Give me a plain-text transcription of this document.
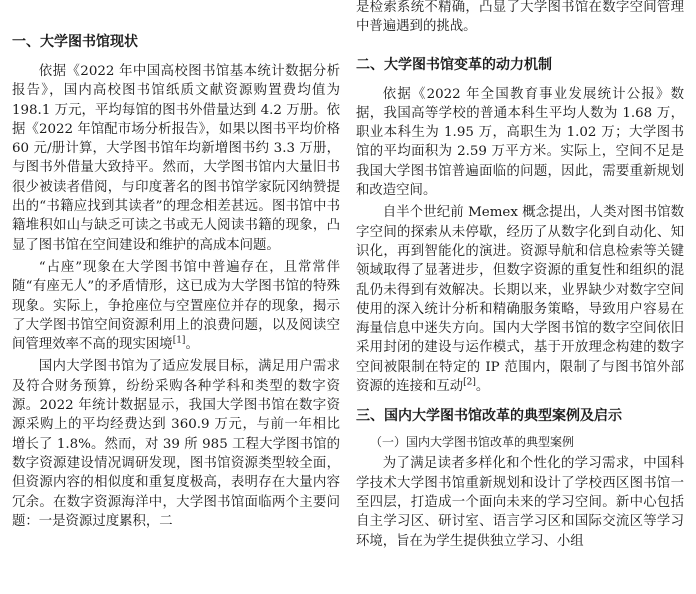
一、大学图书馆现状

依据《2022 年中国高校图书馆基本统计数据分析报告》，国内高校图书馆纸质文献资源购置费均值为 198.1 万元，平均每馆的图书外借量达到 4.2 万册。依据《2022 年馆配市场分析报告》，如果以图书平均价格 60 元/册计算，大学图书馆年均新增图书约 3.3 万册，与图书外借量大致持平。然而，大学图书馆内大量旧书很少被读者借阅，与印度著名的图书馆学家阮冈纳赞提出的“书籍应找到其读者”的理念相差甚远。图书馆中书籍堆积如山与缺乏可读之书或无人阅读书籍的现象，凸显了图书馆在空间建设和维护的高成本问题。

“占座”现象在大学图书馆中普遍存在，且常常伴随“有座无人”的矛盾情形，这已成为大学图书馆的特殊现象。实际上，争抢座位与空置座位并存的现象，揭示了大学图书馆空间资源利用上的浪费问题，以及阅读空间管理效率不高的现实困境[1]。

国内大学图书馆为了适应发展目标，满足用户需求及符合财务预算，纷纷采购各种学科和类型的数字资源。2022 年统计数据显示，我国大学图书馆在数字资源采购上的平均经费达到 360.9 万元，与前一年相比增长了 1.8%。然而，对 39 所 985 工程大学图书馆的数字资源建设情况调研发现，图书馆资源类型较全面，但资源内容的相似度和重复度极高，表明存在大量内容冗余。在数字资源海洋中，大学图书馆面临两个主要问题：一是资源过度累积，二

是检索系统不精确，凸显了大学图书馆在数字空间管理中普遍遇到的挑战。

二、大学图书馆变革的动力机制

依据《2022 年全国教育事业发展统计公报》数据，我国高等学校的普通本科生平均人数为 1.68 万，职业本科生为 1.95 万，高职生为 1.02 万；大学图书馆的平均面积为 2.59 万平方米。实际上，空间不足是我国大学图书馆普遍面临的问题，因此，需要重新规划和改造空间。

自半个世纪前 Memex 概念提出，人类对图书馆数字空间的探索从未停歇，经历了从数字化到自动化、知识化，再到智能化的演进。资源导航和信息检索等关键领域取得了显著进步，但数字资源的重复性和组织的混乱仍未得到有效解决。长期以来，业界缺少对数字空间使用的深入统计分析和精确服务策略，导致用户容易在海量信息中迷失方向。国内大学图书馆的数字空间依旧采用封闭的建设与运作模式，基于开放理念构建的数字空间被限制在特定的 IP 范围内，限制了与图书馆外部资源的连接和互动[2]。

三、国内大学图书馆改革的典型案例及启示

（一）国内大学图书馆改革的典型案例

为了满足读者多样化和个性化的学习需求，中国科学技术大学图书馆重新规划和设计了学校西区图书馆一至四层，打造成一个面向未来的学习空间。新中心包括自主学习区、研讨室、语言学习区和国际交流区等学习环境，旨在为学生提供独立学习、小组
